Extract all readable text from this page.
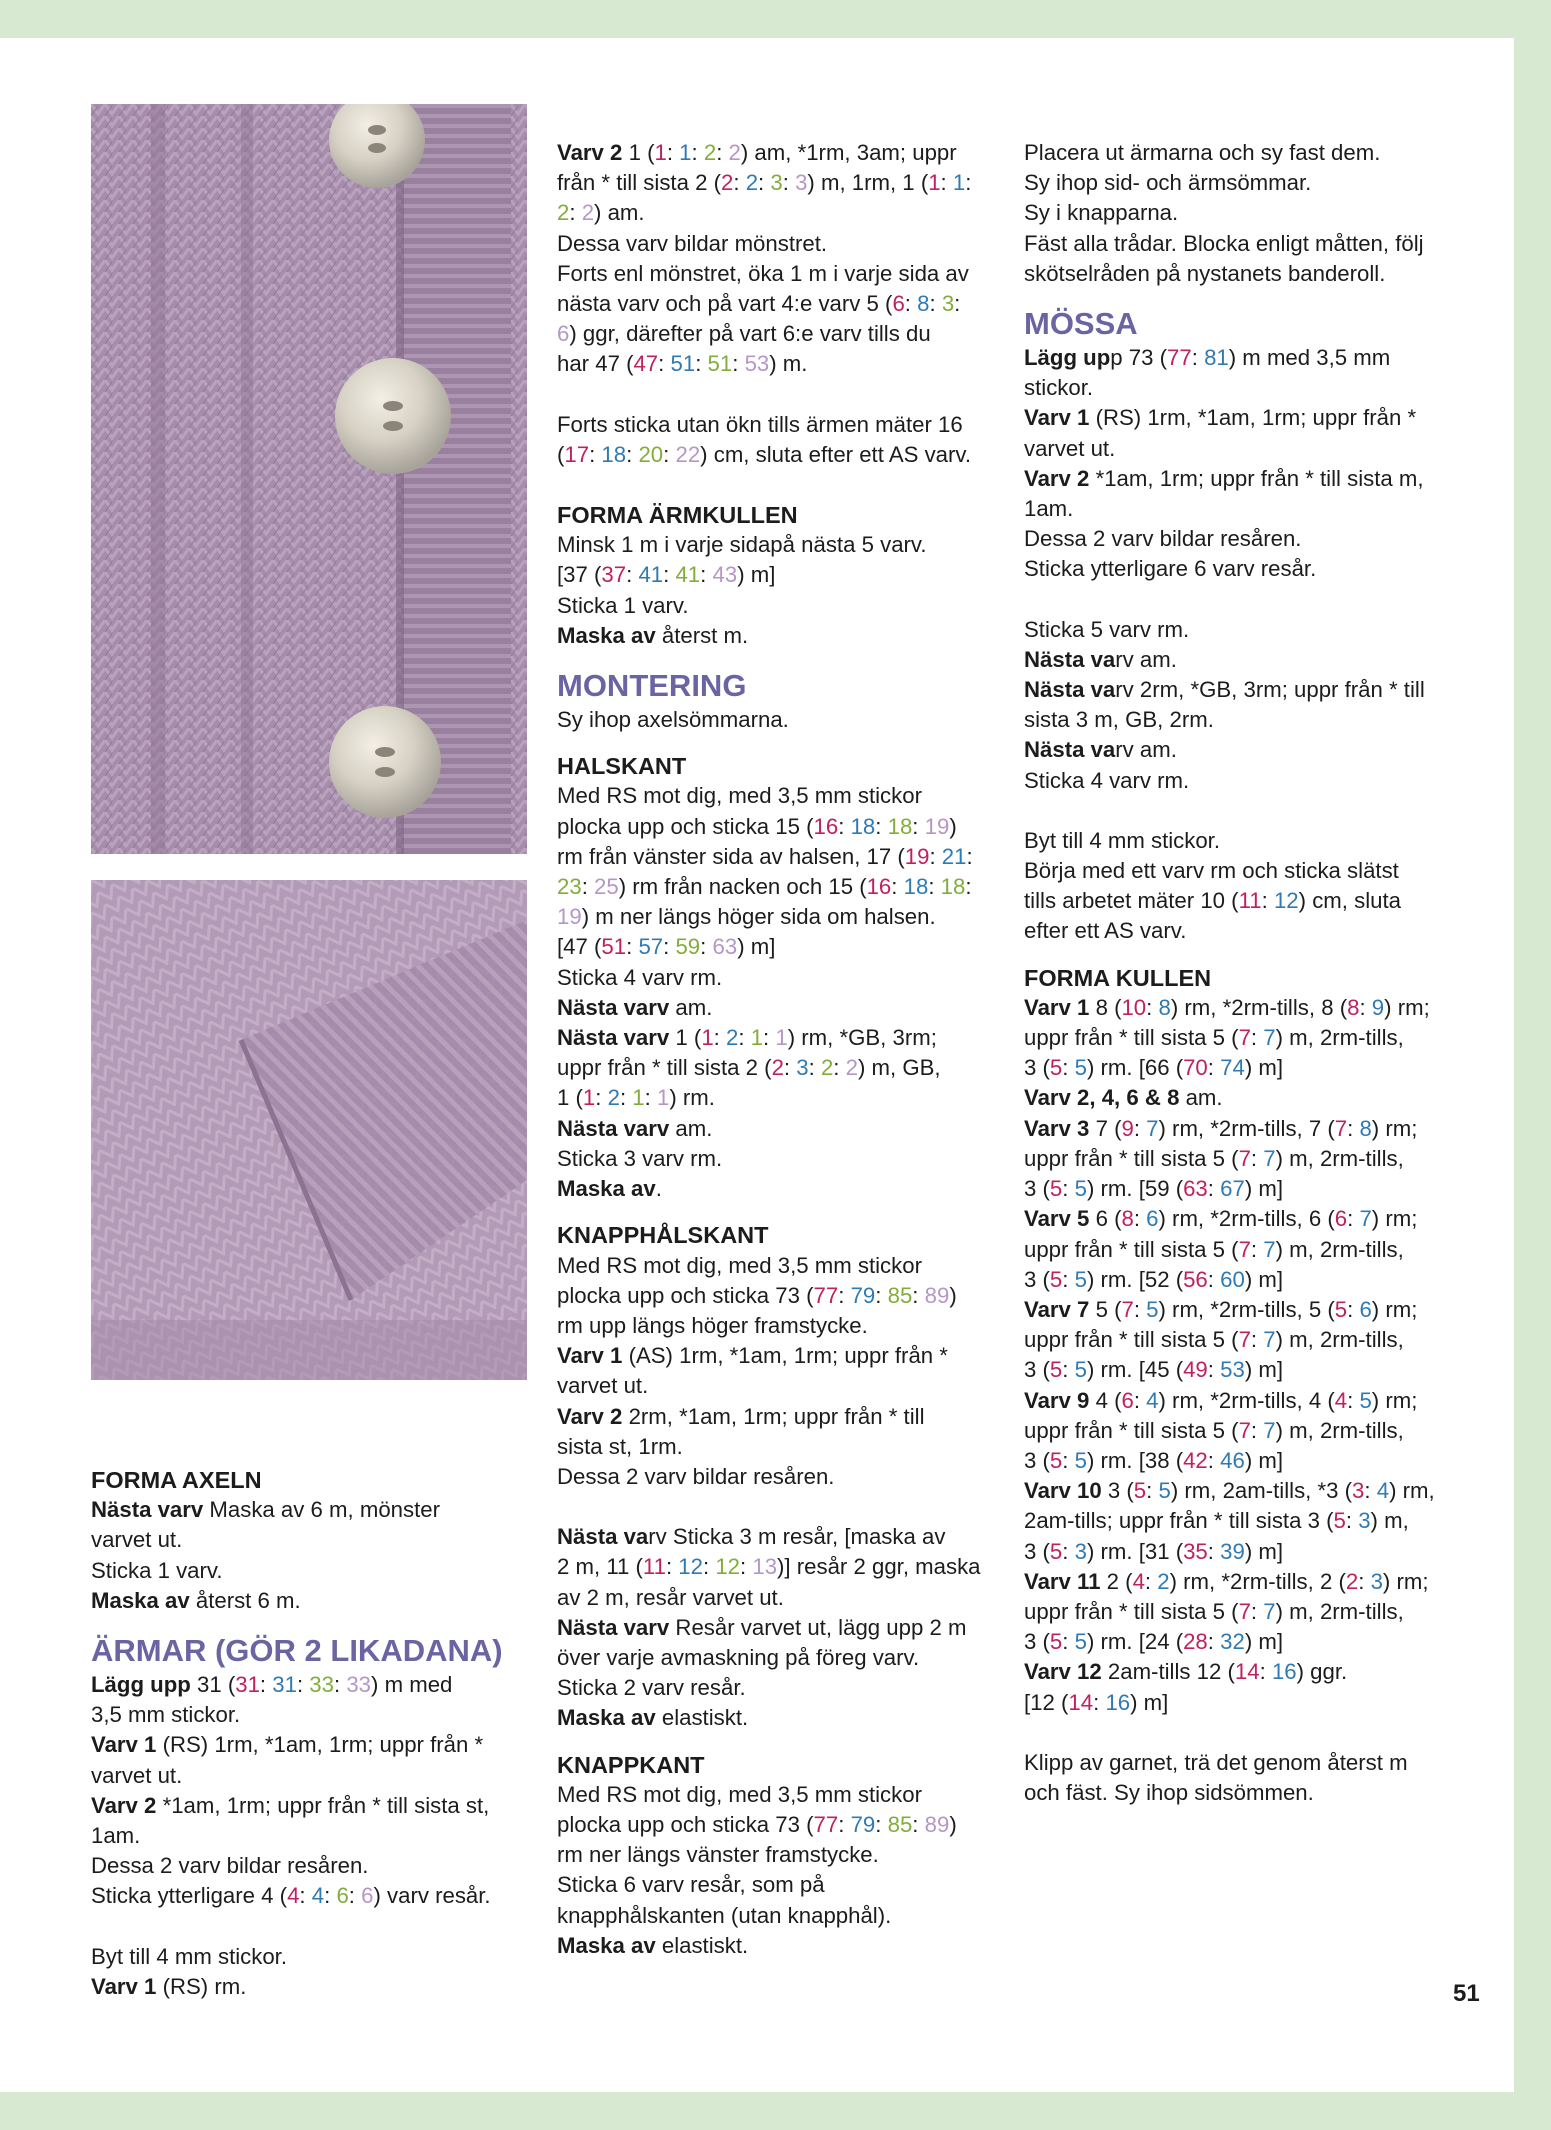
FORMA AXELN

Nästa varv Maska av 6 m, mönster

varvet ut.

Sticka 1 varv.

Maska av återst 6 m.

ÄRMAR (GÖR 2 LIKADANA)

Lägg upp 31 (31: 31: 33: 33) m med

3,5 mm stickor.

Varv 1 (RS) 1rm, *1am, 1rm; uppr från *

varvet ut.

Varv 2 *1am, 1rm; uppr från * till sista st,

1am.

Dessa 2 varv bildar resåren.

Sticka ytterligare 4 (4: 4: 6: 6) varv resår.

Byt till 4 mm stickor.

Varv 1 (RS) rm.

Varv 2 1 (1: 1: 2: 2) am, *1rm, 3am; uppr

från * till sista 2 (2: 2: 3: 3) m, 1rm, 1 (1: 1:

2: 2) am.

Dessa varv bildar mönstret.

Forts enl mönstret, öka 1 m i varje sida av

nästa varv och på vart 4:e varv 5 (6: 8: 3:

6) ggr, därefter på vart 6:e varv tills du

har 47 (47: 51: 51: 53) m.

Forts sticka utan ökn tills ärmen mäter 16

(17: 18: 20: 22) cm, sluta efter ett AS varv.

FORMA ÄRMKULLEN

Minsk 1 m i varje sidapå nästa 5 varv.

[37 (37: 41: 41: 43) m]

Sticka 1 varv.

Maska av återst m.

MONTERING

Sy ihop axelsömmarna.

HALSKANT

Med RS mot dig, med 3,5 mm stickor

plocka upp och sticka 15 (16: 18: 18: 19)

rm från vänster sida av halsen, 17 (19: 21:

23: 25) rm från nacken och 15 (16: 18: 18:

19) m ner längs höger sida om halsen.

[47 (51: 57: 59: 63) m]

Sticka 4 varv rm.

Nästa varv am.

Nästa varv 1 (1: 2: 1: 1) rm, *GB, 3rm;

uppr från * till sista 2 (2: 3: 2: 2) m, GB,

1 (1: 2: 1: 1) rm.

Nästa varv am.

Sticka 3 varv rm.

Maska av.

KNAPPHÅLSKANT

Med RS mot dig, med 3,5 mm stickor

plocka upp och sticka 73 (77: 79: 85: 89)

rm upp längs höger framstycke.

Varv 1 (AS) 1rm, *1am, 1rm; uppr från *

varvet ut.

Varv 2 2rm, *1am, 1rm; uppr från * till

sista st, 1rm.

Dessa 2 varv bildar resåren.

Nästa varv Sticka 3 m resår, [maska av

2 m, 11 (11: 12: 12: 13)] resår 2 ggr, maska

av 2 m, resår varvet ut.

Nästa varv Resår varvet ut, lägg upp 2 m

över varje avmaskning på föreg varv.

Sticka 2 varv resår.

Maska av elastiskt.

KNAPPKANT

Med RS mot dig, med 3,5 mm stickor

plocka upp och sticka 73 (77: 79: 85: 89)

rm ner längs vänster framstycke.

Sticka 6 varv resår, som på

knapphålskanten (utan knapphål).

Maska av elastiskt.

Placera ut ärmarna och sy fast dem.

Sy ihop sid- och ärmsömmar.

Sy i knapparna.

Fäst alla trådar. Blocka enligt måtten, följ

skötselråden på nystanets banderoll.

MÖSSA

Lägg upp 73 (77: 81) m med 3,5 mm

stickor.

Varv 1 (RS) 1rm, *1am, 1rm; uppr från *

varvet ut.

Varv 2 *1am, 1rm; uppr från * till sista m,

1am.

Dessa 2 varv bildar resåren.

Sticka ytterligare 6 varv resår.

Sticka 5 varv rm.

Nästa varv am.

Nästa varv 2rm, *GB, 3rm; uppr från * till

sista 3 m, GB, 2rm.

Nästa varv am.

Sticka 4 varv rm.

Byt till 4 mm stickor.

Börja med ett varv rm och sticka slätst

tills arbetet mäter 10 (11: 12) cm, sluta

efter ett AS varv.

FORMA KULLEN

Varv 1 8 (10: 8) rm, *2rm-tills, 8 (8: 9) rm;

uppr från * till sista 5 (7: 7) m, 2rm-tills,

3 (5: 5) rm. [66 (70: 74) m]

Varv 2, 4, 6 & 8 am.

Varv 3 7 (9: 7) rm, *2rm-tills, 7 (7: 8) rm;

uppr från * till sista 5 (7: 7) m, 2rm-tills,

3 (5: 5) rm. [59 (63: 67) m]

Varv 5 6 (8: 6) rm, *2rm-tills, 6 (6: 7) rm;

uppr från * till sista 5 (7: 7) m, 2rm-tills,

3 (5: 5) rm. [52 (56: 60) m]

Varv 7 5 (7: 5) rm, *2rm-tills, 5 (5: 6) rm;

uppr från * till sista 5 (7: 7) m, 2rm-tills,

3 (5: 5) rm. [45 (49: 53) m]

Varv 9 4 (6: 4) rm, *2rm-tills, 4 (4: 5) rm;

uppr från * till sista 5 (7: 7) m, 2rm-tills,

3 (5: 5) rm. [38 (42: 46) m]

Varv 10 3 (5: 5) rm, 2am-tills, *3 (3: 4) rm,

2am-tills; uppr från * till sista 3 (5: 3) m,

3 (5: 3) rm. [31 (35: 39) m]

Varv 11 2 (4: 2) rm, *2rm-tills, 2 (2: 3) rm;

uppr från * till sista 5 (7: 7) m, 2rm-tills,

3 (5: 5) rm. [24 (28: 32) m]

Varv 12 2am-tills 12 (14: 16) ggr.

[12 (14: 16) m]

Klipp av garnet, trä det genom återst m

och fäst. Sy ihop sidsömmen.

51
